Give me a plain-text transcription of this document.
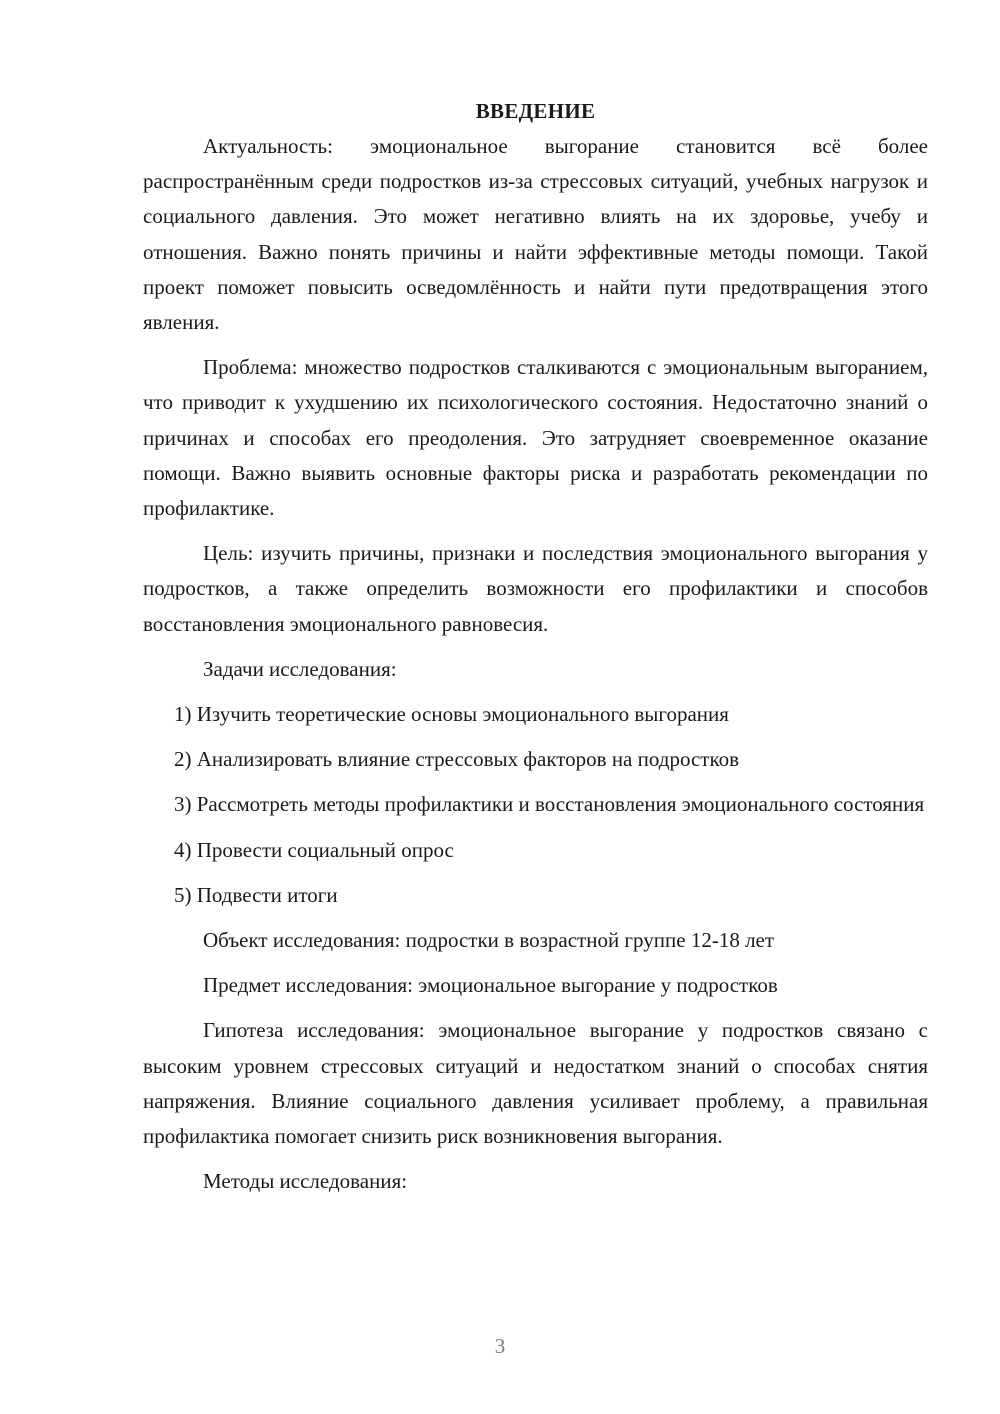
ВВЕДЕНИЕ

Актуальность: эмоциональное выгорание становится всё более распространённым среди подростков из-за стрессовых ситуаций, учебных нагрузок и социального давления. Это может негативно влиять на их здоровье, учебу и отношения. Важно понять причины и найти эффективные методы помощи. Такой проект поможет повысить осведомлённость и найти пути предотвращения этого явления.

Проблема: множество подростков сталкиваются с эмоциональным выгоранием, что приводит к ухудшению их психологического состояния. Недостаточно знаний о причинах и способах его преодоления. Это затрудняет своевременное оказание помощи. Важно выявить основные факторы риска и разработать рекомендации по профилактике.

Цель: изучить причины, признаки и последствия эмоционального выгорания у подростков, а также определить возможности его профилактики и способов восстановления эмоционального равновесия.

Задачи исследования:

1) Изучить теоретические основы эмоционального выгорания

2) Анализировать влияние стрессовых факторов на подростков

3) Рассмотреть методы профилактики и восстановления эмоционального состояния

4) Провести социальный опрос

5) Подвести итоги

Объект исследования: подростки в возрастной группе 12-18 лет

Предмет исследования: эмоциональное выгорание у подростков

Гипотеза исследования: эмоциональное выгорание у подростков связано с высоким уровнем стрессовых ситуаций и недостатком знаний о способах снятия напряжения. Влияние социального давления усиливает проблему, а правильная профилактика помогает снизить риск возникновения выгорания.

Методы исследования:

3
